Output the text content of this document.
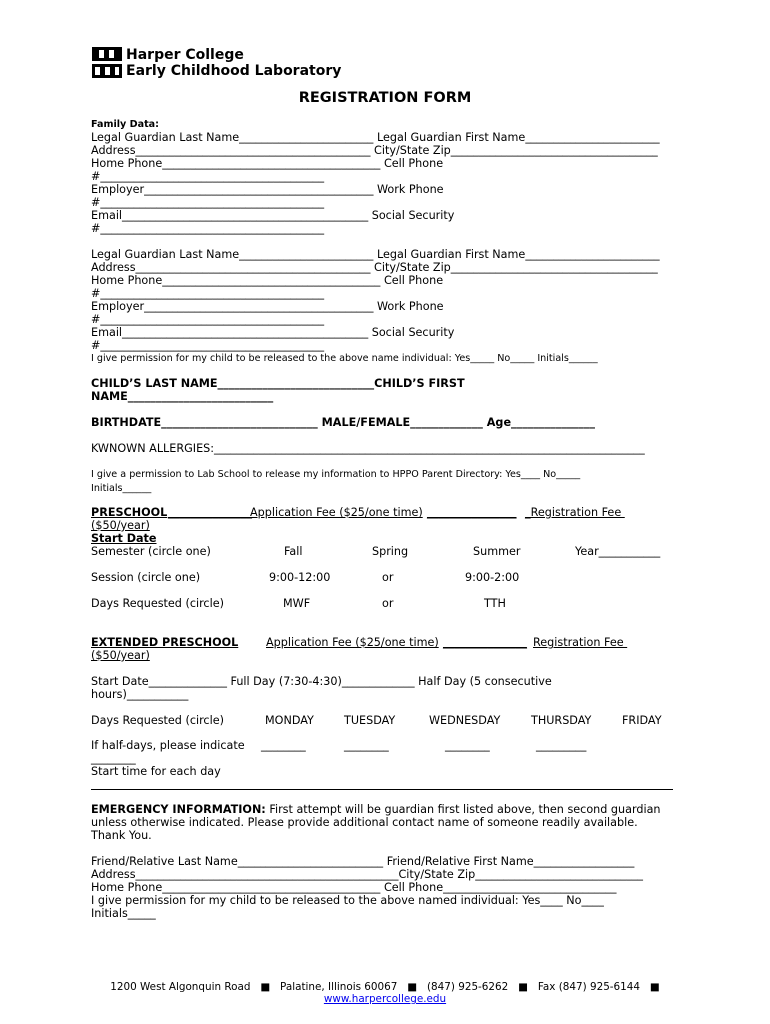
Harper College
Early Childhood Laboratory
REGISTRATION FORM
Family Data:
Legal Guardian Last Name________________________ Legal Guardian First Name________________________
Address__________________________________________ City/State Zip_____________________________________
Home Phone_______________________________________ Cell Phone
#________________________________________
Employer_________________________________________ Work Phone
#________________________________________
Email____________________________________________ Social Security
#________________________________________
Legal Guardian Last Name________________________ Legal Guardian First Name________________________
Address__________________________________________ City/State Zip_____________________________________
Home Phone_______________________________________ Cell Phone
#________________________________________
Employer_________________________________________ Work Phone
#________________________________________
Email____________________________________________ Social Security
#________________________________________
I give permission for my child to be released to the above name individual: Yes_____ No_____ Initials______
CHILD’S LAST NAME____________________________CHILD’S FIRST
NAME__________________________
BIRTHDATE____________________________ MALE/FEMALE_____________ Age_______________
KWNOWN ALLERGIES:_____________________________________________________________________________
I give a permission to Lab School to release my information to HPPO Parent Directory: Yes____ No_____
Initials______
PRESCHOOL _______________
Application Fee ($25/one time) ________________ _Registration Fee
($50/year)
Start Date
Semester (circle one)	Fall	Spring	Summer	Year___________
Session (circle one)	9:00-12:00	or	9:00-2:00
Days Requested (circle)	MWF	or	TTH
EXTENDED PRESCHOOL Application Fee ($25/one time) _______________ Registration Fee
($50/year)
Start Date______________ Full Day (7:30-4:30)_____________ Half Day (5 consecutive
hours)___________
Days Requested (circle)	MONDAY	TUESDAY	WEDNESDAY	THURSDAY	FRIDAY
If half-days, please indicate ________	________	________	_________
________
Start time for each day
EMERGENCY INFORMATION: First attempt will be guardian first listed above, then second guardian
unless otherwise indicated. Please provide additional contact name of someone readily available.
Thank You.
Friend/Relative Last Name__________________________ Friend/Relative First Name__________________
Address_______________________________________________City/State Zip______________________________
Home Phone_______________________________________ Cell Phone_______________________________
I give permission for my child to be released to the above named individual: Yes____ No____
Initials_____
1200 West Algonquin Road   ■   Palatine, Illinois 60067   ■   (847) 925-6262   ■   Fax (847) 925-6144   ■
www.harpercollege.edu
